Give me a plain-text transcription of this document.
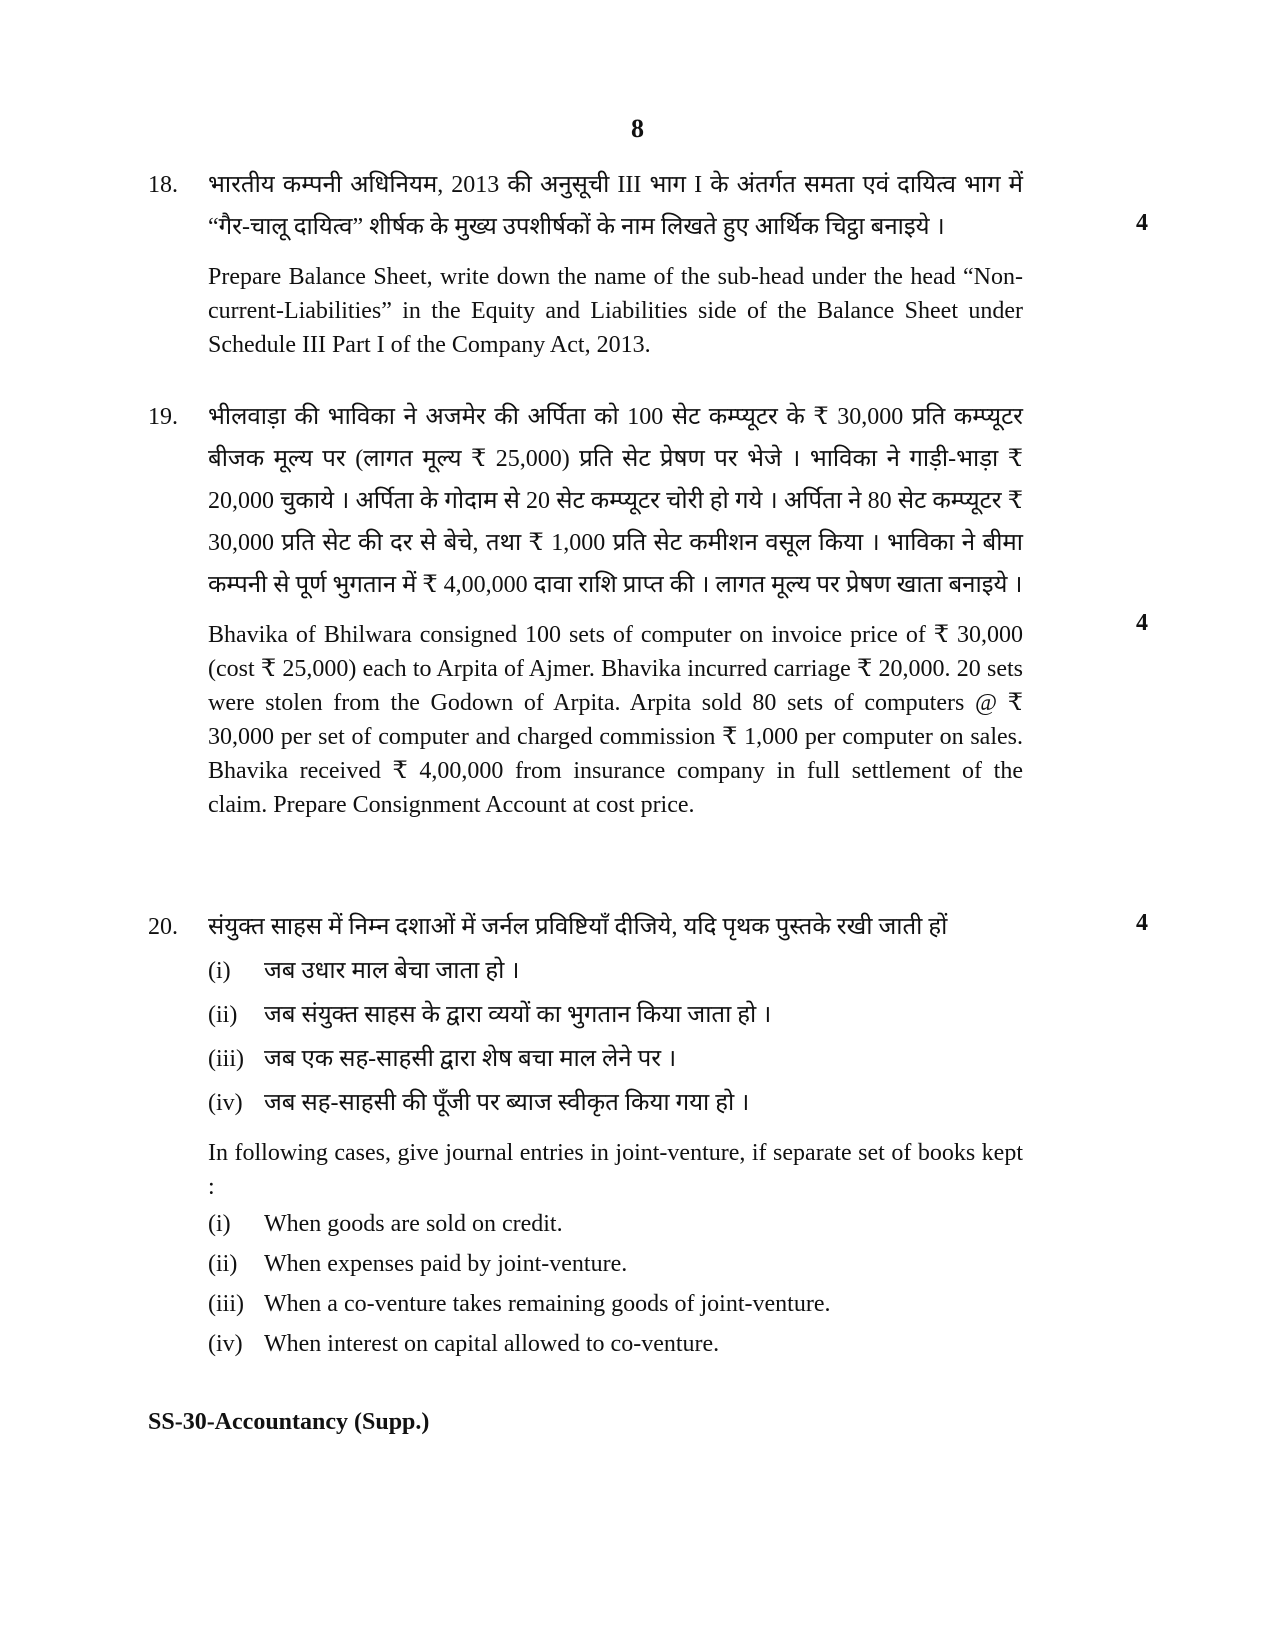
8
18.
4
भारतीय कम्पनी अधिनियम, 2013 की अनुसूची III भाग I के अंतर्गत समता एवं दायित्व भाग में “गैर-चालू दायित्व” शीर्षक के मुख्य उपशीर्षकों के नाम लिखते हुए आर्थिक चिट्ठा बनाइये ।
Prepare Balance Sheet, write down the name of the sub-head under the head “Non-current-Liabilities” in the Equity and Liabilities side of the Balance Sheet under Schedule III Part I of the Company Act, 2013.
19.
4
भीलवाड़ा की भाविका ने अजमेर की अर्पिता को 100 सेट कम्प्यूटर के ₹ 30,000 प्रति कम्प्यूटर बीजक मूल्य पर (लागत मूल्य ₹ 25,000) प्रति सेट प्रेषण पर भेजे । भाविका ने गाड़ी-भाड़ा ₹ 20,000 चुकाये । अर्पिता के गोदाम से 20 सेट कम्प्यूटर चोरी हो गये । अर्पिता ने 80 सेट कम्प्यूटर ₹ 30,000 प्रति सेट की दर से बेचे, तथा ₹ 1,000 प्रति सेट कमीशन वसूल किया । भाविका ने बीमा कम्पनी से पूर्ण भुगतान में ₹ 4,00,000 दावा राशि प्राप्त की । लागत मूल्य पर प्रेषण खाता बनाइये ।
Bhavika of Bhilwara consigned 100 sets of computer on invoice price of ₹ 30,000 (cost ₹ 25,000) each to Arpita of Ajmer. Bhavika incurred carriage ₹ 20,000. 20 sets were stolen from the Godown of Arpita. Arpita sold 80 sets of computers @ ₹ 30,000 per set of computer and charged commission ₹ 1,000 per computer on sales. Bhavika received ₹ 4,00,000 from insurance company in full settlement of the claim. Prepare Consignment Account at cost price.
20.	4
संयुक्त साहस में निम्न दशाओं में जर्नल प्रविष्टियाँ दीजिये, यदि पृथक पुस्तके रखी जाती हों
(i)	जब उधार माल बेचा जाता हो ।
(ii)	जब संयुक्त साहस के द्वारा व्ययों का भुगतान किया जाता हो ।
(iii) जब एक सह-साहसी द्वारा शेष बचा माल लेने पर ।
(iv) जब सह-साहसी की पूँजी पर ब्याज स्वीकृत किया गया हो ।
In following cases, give journal entries in joint-venture, if separate set of books kept :
(i)	When goods are sold on credit.
(ii)	When expenses paid by joint-venture.
(iii) When a co-venture takes remaining goods of joint-venture.
(iv) When interest on capital allowed to co-venture.
SS-30-Accountancy (Supp.)
